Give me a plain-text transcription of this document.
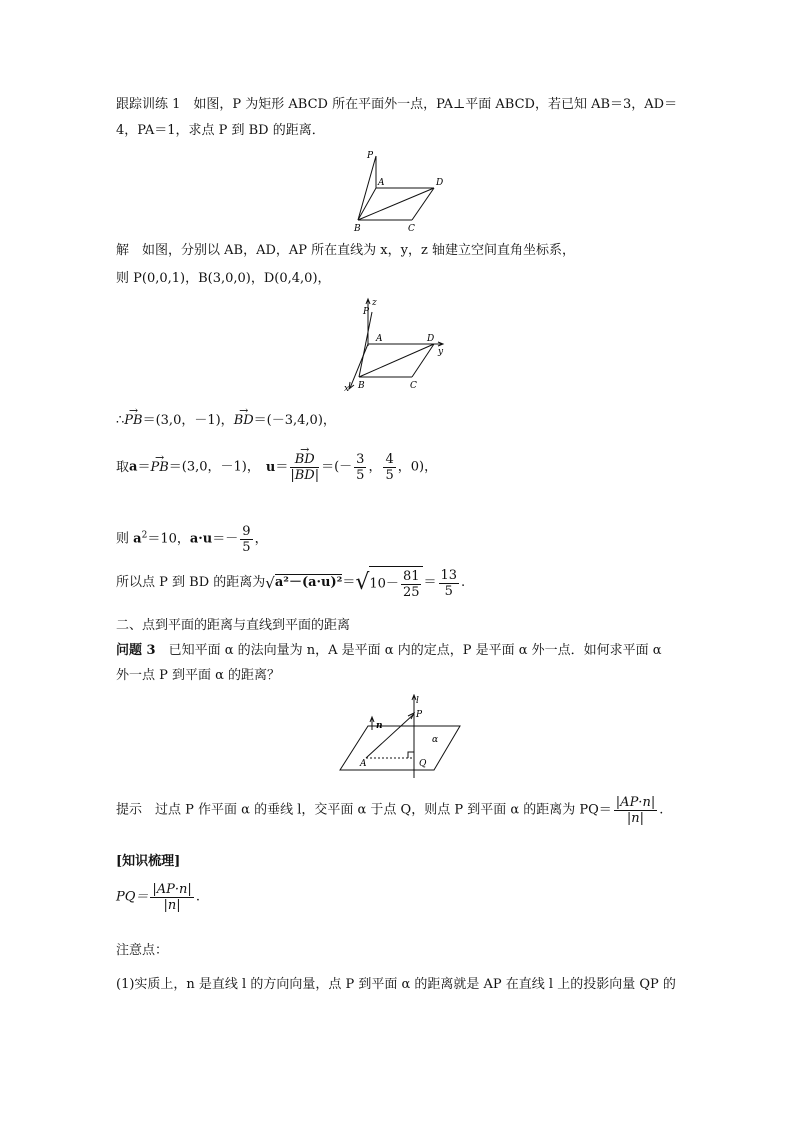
跟踪训练 1　如图，P 为矩形 ABCD 所在平面外一点，PA⊥平面 ABCD，若已知 AB＝3，AD＝
4，PA＝1，求点 P 到 BD 的距离．
P
A
B	C
D
解　如图，分别以 AB，AD，AP 所在直线为 x，y，z 轴建立空间直角坐标系，
则 P(0,0,1)，B(3,0,0)，D(0,4,0)，
P
A
B	C
D
z
y
x
∴→ PB＝(3,0，－1)，→ BD＝(－3,4,0)，
取a＝→ PB＝(3,0，－1)， u＝
→ $\frac{BD}{|BD|}$ ＝(－ $\frac{3}{5}$ ， $\frac{4}{5}$ ，0)，
则 $a^2=10$，$a\cdot u=- \frac{9}{5}$ ，
所以点 P 到 BD 的距离为$√a^2-(a\cdot u)^2=√10- \frac{81}{25} = \frac{13}{5}$ .
二、点到平面的距离与直线到平面的距离
问题 3　已知平面 α 的法向量为 n，A 是平面 α 内的定点，P 是平面 α 外一点．如何求平面 α
外一点 P 到平面 α 的距离？
l
n
P
α
A	Q
提示　过点 P 作平面 α 的垂线 l，交平面 α 于点 Q，则点 P 到平面 α 的距离为 $PQ= \frac{|AP\cdot n|}{|n|}$ .
[知识梳理]
$PQ= \frac{|AP\cdot n|}{|n|}$ .
注意点：
(1)实质上，n 是直线 l 的方向向量，点 P 到平面 α 的距离就是 AP 在直线 l 上的投影向量 QP 的
